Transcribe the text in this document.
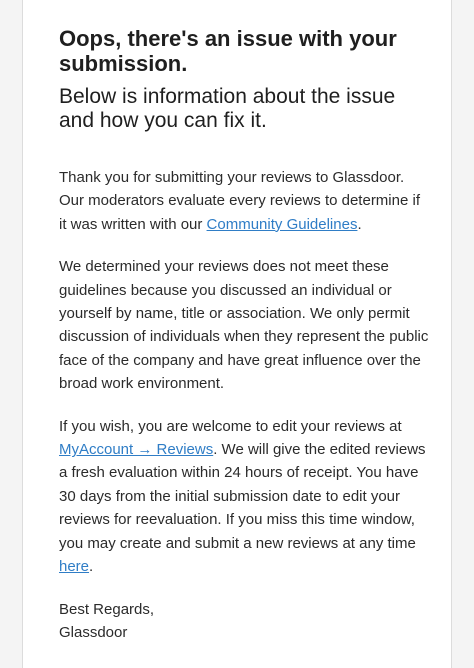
Oops, there's an issue with your submission.
Below is information about the issue and how you can fix it.

Thank you for submitting your reviews to Glassdoor. Our moderators evaluate every reviews to determine if it was written with our Community Guidelines.

We determined your reviews does not meet these guidelines because you discussed an individual or yourself by name, title or association. We only permit discussion of individuals when they represent the public face of the company and have great influence over the broad work environment.

If you wish, you are welcome to edit your reviews at MyAccount → Reviews. We will give the edited reviews a fresh evaluation within 24 hours of receipt. You have 30 days from the initial submission date to edit your reviews for reevaluation. If you miss this time window, you may create and submit a new reviews at any time here.

Best Regards,
Glassdoor
